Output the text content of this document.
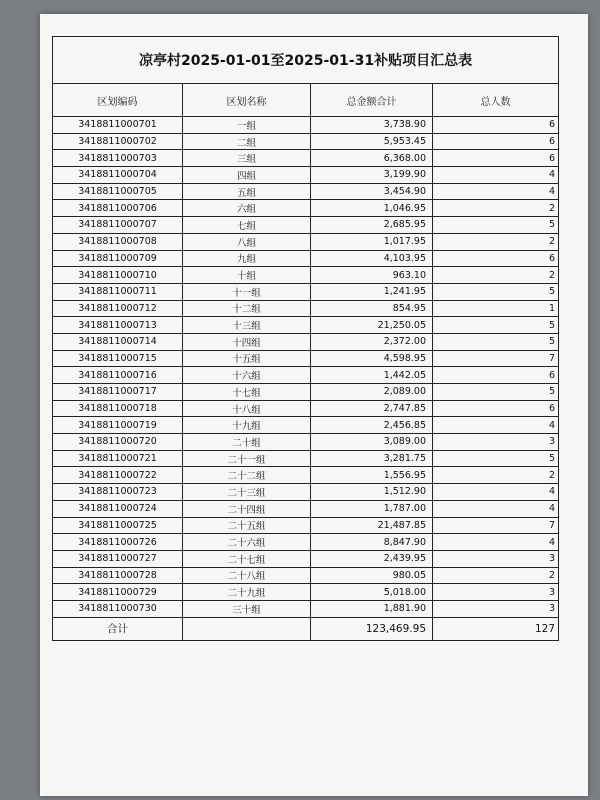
凉亭村2025-01-01至2025-01-31补贴项目汇总表			
区划编码	区划名称	总金额合计	总人数
3418811000701	一组	3,738.90	6
3418811000702	二组	5,953.45	6
3418811000703	三组	6,368.00	6
3418811000704	四组	3,199.90	4
3418811000705	五组	3,454.90	4
3418811000706	六组	1,046.95	2
3418811000707	七组	2,685.95	5
3418811000708	八组	1,017.95	2
3418811000709	九组	4,103.95	6
3418811000710	十组	963.10	2
3418811000711	十一组	1,241.95	5
3418811000712	十二组	854.95	1
3418811000713	十三组	21,250.05	5
3418811000714	十四组	2,372.00	5
3418811000715	十五组	4,598.95	7
3418811000716	十六组	1,442.05	6
3418811000717	十七组	2,089.00	5
3418811000718	十八组	2,747.85	6
3418811000719	十九组	2,456.85	4
3418811000720	二十组	3,089.00	3
3418811000721	二十一组	3,281.75	5
3418811000722	二十二组	1,556.95	2
3418811000723	二十三组	1,512.90	4
3418811000724	二十四组	1,787.00	4
3418811000725	二十五组	21,487.85	7
3418811000726	二十六组	8,847.90	4
3418811000727	二十七组	2,439.95	3
3418811000728	二十八组	980.05	2
3418811000729	二十九组	5,018.00	3
3418811000730	三十组	1,881.90	3
合计		123,469.95	127
